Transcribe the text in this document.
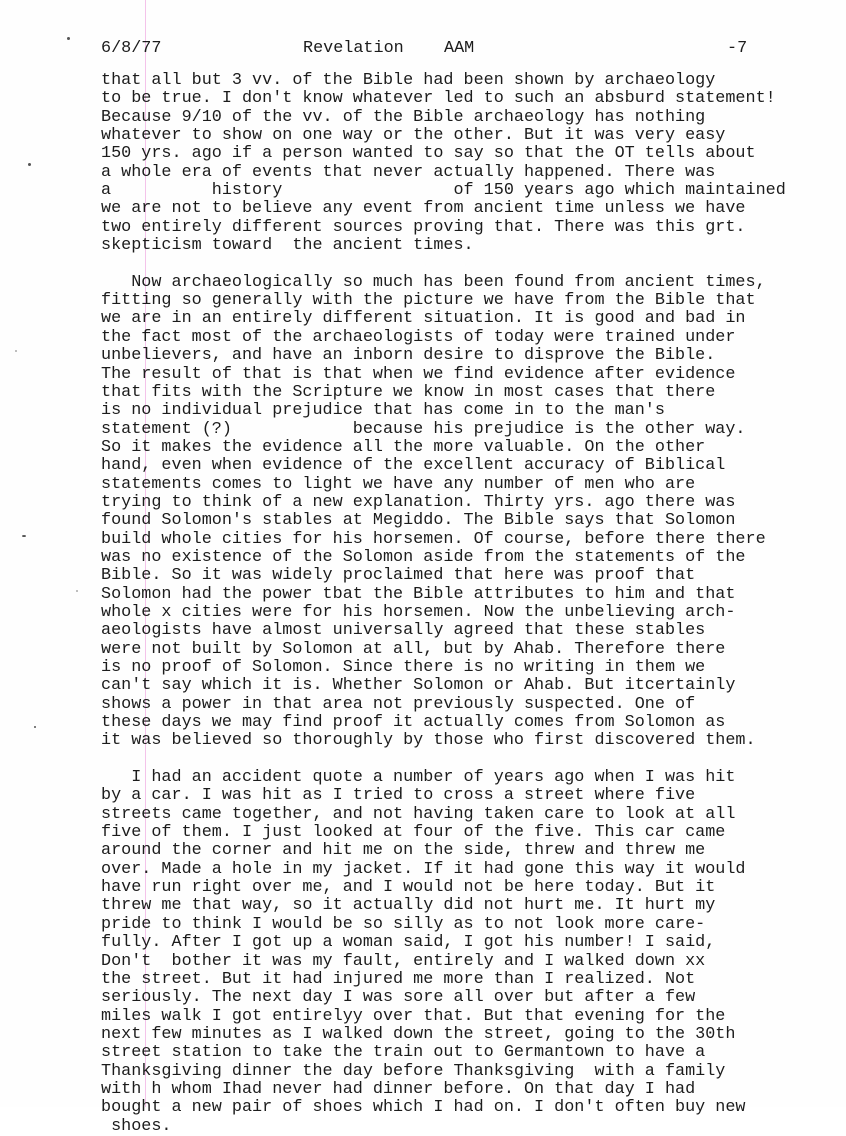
6/8/77

	Revelation

AAM

	-7

that all but 3 vv. of the Bible had been shown by archaeology
to be true. I don't know whatever led to such an absburd statement!
Because 9/10 of the vv. of the Bible archaeology has nothing
whatever to show on one way or the other. But it was very easy
150 yrs. ago if a person wanted to say so that the OT tells about
a whole era of events that never actually happened. There was
a          history                 of 150 years ago which maintained
we are not to believe any event from ancient time unless we have
two entirely different sources proving that. There was this grt.
skepticism toward  the ancient times.
Now archaeologically so much has been found from ancient times,
fitting so generally with the picture we have from the Bible that
we are in an entirely different situation. It is good and bad in
the fact most of the archaeologists of today were trained under
unbelievers, and have an inborn desire to disprove the Bible.
The result of that is that when we find evidence after evidence
that fits with the Scripture we know in most cases that there
is no individual prejudice that has come in to the man's
statement (?)            because his prejudice is the other way.
So it makes the evidence all the more valuable. On the other
hand, even when evidence of the excellent accuracy of Biblical
statements comes to light we have any number of men who are
trying to think of a new explanation. Thirty yrs. ago there was
found Solomon's stables at Megiddo. The Bible says that Solomon
build whole cities for his horsemen. Of course, before there there
was no existence of the Solomon aside from the statements of the
Bible. So it was widely proclaimed that here was proof that
Solomon had the power tbat the Bible attributes to him and that
whole x cities were for his horsemen. Now the unbelieving arch-
aeologists have almost universally agreed that these stables
were not built by Solomon at all, but by Ahab. Therefore there
is no proof of Solomon. Since there is no writing in them we
can't say which it is. Whether Solomon or Ahab. But itcertainly
shows a power in that area not previously suspected. One of
these days we may find proof it actually comes from Solomon as
it was believed so thoroughly by those who first discovered them.
I had an accident quote a number of years ago when I was hit
by a car. I was hit as I tried to cross a street where five
streets came together, and not having taken care to look at all
five of them. I just looked at four of the five. This car came
around the corner and hit me on the side, threw and threw me
over. Made a hole in my jacket. If it had gone this way it would
have run right over me, and I would not be here today. But it
threw me that way, so it actually did not hurt me. It hurt my
pride to think I would be so silly as to not look more care-
fully. After I got up a woman said, I got his number! I said,
Don't  bother it was my fault, entirely and I walked down xx
the street. But it had injured me more than I realized. Not
seriously. The next day I was sore all over but after a few
miles walk I got entirelyy over that. But that evening for the
next few minutes as I walked down the street, going to the 30th
street station to take the train out to Germantown to have a
Thanksgiving dinner the day before Thanksgiving  with a family
with h whom Ihad never had dinner before. On that day I had
bought a new pair of shoes which I had on. I don't often buy new
shoes.
